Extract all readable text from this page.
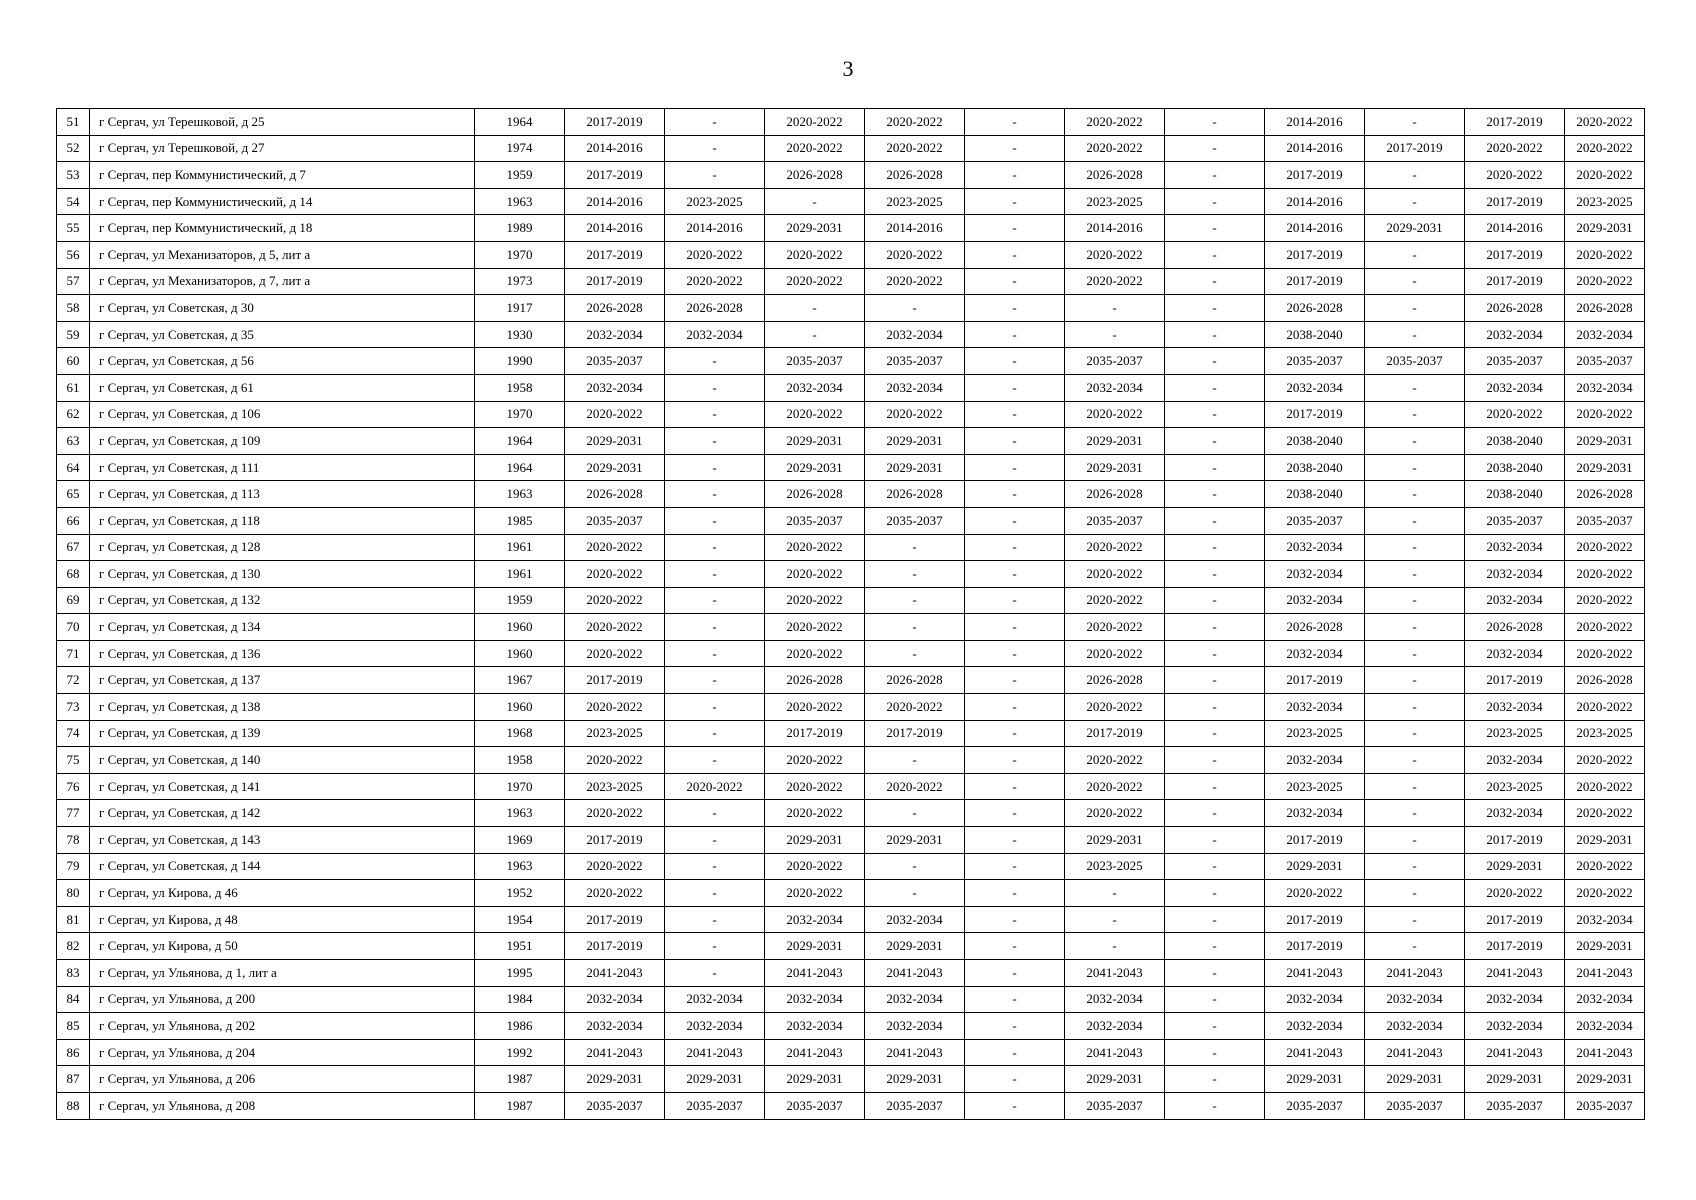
3
51	г Сергач, ул Терешковой, д 25	1964	2017-2019	-	2020-2022	2020-2022	-	2020-2022	-	2014-2016	-	2017-2019	2020-2022
52	г Сергач, ул Терешковой, д 27	1974	2014-2016	-	2020-2022	2020-2022	-	2020-2022	-	2014-2016	2017-2019	2020-2022	2020-2022
53	г Сергач, пер Коммунистический, д 7	1959	2017-2019	-	2026-2028	2026-2028	-	2026-2028	-	2017-2019	-	2020-2022	2020-2022
54	г Сергач, пер Коммунистический, д 14	1963	2014-2016	2023-2025	-	2023-2025	-	2023-2025	-	2014-2016	-	2017-2019	2023-2025
55	г Сергач, пер Коммунистический, д 18	1989	2014-2016	2014-2016	2029-2031	2014-2016	-	2014-2016	-	2014-2016	2029-2031	2014-2016	2029-2031
56	г Сергач, ул Механизаторов, д 5, лит а	1970	2017-2019	2020-2022	2020-2022	2020-2022	-	2020-2022	-	2017-2019	-	2017-2019	2020-2022
57	г Сергач, ул Механизаторов, д 7, лит а	1973	2017-2019	2020-2022	2020-2022	2020-2022	-	2020-2022	-	2017-2019	-	2017-2019	2020-2022
58	г Сергач, ул Советская, д 30	1917	2026-2028	2026-2028	-	-	-	-	-	2026-2028	-	2026-2028	2026-2028
59	г Сергач, ул Советская, д 35	1930	2032-2034	2032-2034	-	2032-2034	-	-	-	2038-2040	-	2032-2034	2032-2034
60	г Сергач, ул Советская, д 56	1990	2035-2037	-	2035-2037	2035-2037	-	2035-2037	-	2035-2037	2035-2037	2035-2037	2035-2037
61	г Сергач, ул Советская, д 61	1958	2032-2034	-	2032-2034	2032-2034	-	2032-2034	-	2032-2034	-	2032-2034	2032-2034
62	г Сергач, ул Советская, д 106	1970	2020-2022	-	2020-2022	2020-2022	-	2020-2022	-	2017-2019	-	2020-2022	2020-2022
63	г Сергач, ул Советская, д 109	1964	2029-2031	-	2029-2031	2029-2031	-	2029-2031	-	2038-2040	-	2038-2040	2029-2031
64	г Сергач, ул Советская, д 111	1964	2029-2031	-	2029-2031	2029-2031	-	2029-2031	-	2038-2040	-	2038-2040	2029-2031
65	г Сергач, ул Советская, д 113	1963	2026-2028	-	2026-2028	2026-2028	-	2026-2028	-	2038-2040	-	2038-2040	2026-2028
66	г Сергач, ул Советская, д 118	1985	2035-2037	-	2035-2037	2035-2037	-	2035-2037	-	2035-2037	-	2035-2037	2035-2037
67	г Сергач, ул Советская, д 128	1961	2020-2022	-	2020-2022	-	-	2020-2022	-	2032-2034	-	2032-2034	2020-2022
68	г Сергач, ул Советская, д 130	1961	2020-2022	-	2020-2022	-	-	2020-2022	-	2032-2034	-	2032-2034	2020-2022
69	г Сергач, ул Советская, д 132	1959	2020-2022	-	2020-2022	-	-	2020-2022	-	2032-2034	-	2032-2034	2020-2022
70	г Сергач, ул Советская, д 134	1960	2020-2022	-	2020-2022	-	-	2020-2022	-	2026-2028	-	2026-2028	2020-2022
71	г Сергач, ул Советская, д 136	1960	2020-2022	-	2020-2022	-	-	2020-2022	-	2032-2034	-	2032-2034	2020-2022
72	г Сергач, ул Советская, д 137	1967	2017-2019	-	2026-2028	2026-2028	-	2026-2028	-	2017-2019	-	2017-2019	2026-2028
73	г Сергач, ул Советская, д 138	1960	2020-2022	-	2020-2022	2020-2022	-	2020-2022	-	2032-2034	-	2032-2034	2020-2022
74	г Сергач, ул Советская, д 139	1968	2023-2025	-	2017-2019	2017-2019	-	2017-2019	-	2023-2025	-	2023-2025	2023-2025
75	г Сергач, ул Советская, д 140	1958	2020-2022	-	2020-2022	-	-	2020-2022	-	2032-2034	-	2032-2034	2020-2022
76	г Сергач, ул Советская, д 141	1970	2023-2025	2020-2022	2020-2022	2020-2022	-	2020-2022	-	2023-2025	-	2023-2025	2020-2022
77	г Сергач, ул Советская, д 142	1963	2020-2022	-	2020-2022	-	-	2020-2022	-	2032-2034	-	2032-2034	2020-2022
78	г Сергач, ул Советская, д 143	1969	2017-2019	-	2029-2031	2029-2031	-	2029-2031	-	2017-2019	-	2017-2019	2029-2031
79	г Сергач, ул Советская, д 144	1963	2020-2022	-	2020-2022	-	-	2023-2025	-	2029-2031	-	2029-2031	2020-2022
80	г Сергач, ул Кирова, д 46	1952	2020-2022	-	2020-2022	-	-	-	-	2020-2022	-	2020-2022	2020-2022
81	г Сергач, ул Кирова, д 48	1954	2017-2019	-	2032-2034	2032-2034	-	-	-	2017-2019	-	2017-2019	2032-2034
82	г Сергач, ул Кирова, д 50	1951	2017-2019	-	2029-2031	2029-2031	-	-	-	2017-2019	-	2017-2019	2029-2031
83	г Сергач, ул Ульянова, д 1, лит а	1995	2041-2043	-	2041-2043	2041-2043	-	2041-2043	-	2041-2043	2041-2043	2041-2043	2041-2043
84	г Сергач, ул Ульянова, д 200	1984	2032-2034	2032-2034	2032-2034	2032-2034	-	2032-2034	-	2032-2034	2032-2034	2032-2034	2032-2034
85	г Сергач, ул Ульянова, д 202	1986	2032-2034	2032-2034	2032-2034	2032-2034	-	2032-2034	-	2032-2034	2032-2034	2032-2034	2032-2034
86	г Сергач, ул Ульянова, д 204	1992	2041-2043	2041-2043	2041-2043	2041-2043	-	2041-2043	-	2041-2043	2041-2043	2041-2043	2041-2043
87	г Сергач, ул Ульянова, д 206	1987	2029-2031	2029-2031	2029-2031	2029-2031	-	2029-2031	-	2029-2031	2029-2031	2029-2031	2029-2031
88	г Сергач, ул Ульянова, д 208	1987	2035-2037	2035-2037	2035-2037	2035-2037	-	2035-2037	-	2035-2037	2035-2037	2035-2037	2035-2037
